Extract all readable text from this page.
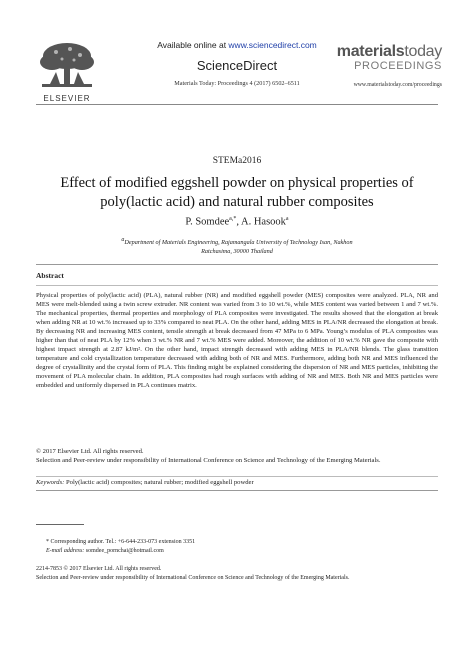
ELSEVIER
Available online at www.sciencedirect.com
ScienceDirect
Materials Today: Proceedings 4 (2017) 6502–6511
materialstoday
PROCEEDINGS
www.materialstoday.com/proceedings
STEMa2016
Effect of modified eggshell powder on physical properties of poly(lactic acid) and natural rubber composites
P. Somdee$^{a,*}$, A. Hasook$^a$
$^a$Department of Materials Engineering, Rajamangala University of Technology Isan, Nakhon Ratchasima, 30000 Thailand
Abstract
Physical properties of poly(lactic acid) (PLA), natural rubber (NR) and modified eggshell powder (MES) composites were analyzed. PLA, NR and MES were melt-blended using a twin screw extruder. NR content was varied from 3 to 10 wt.%, while MES content was varied between 1 and 7 wt.%. The mechanical properties, thermal properties and morphology of PLA composites were investigated. The results showed that the elongation at break when adding NR at 10 wt.% increased up to 33% compared to neat PLA. On the other hand, adding MES in PLA/NR decreased the elongation at break. By decreasing NR and increasing MES content, tensile strength at break decreased from 47 MPa to 6 MPa. Young’s modulus of PLA composites was higher than that of neat PLA by 12% when 3 wt.% NR and 7 wt.% MES were added. Moreover, the addition of 10 wt.% NR gave the composite with highest impact strength at 2.87 kJ/m². On the other hand, impact strength decreased with adding MES in PLA/NR blends. The glass transition temperature and cold crystallization temperature decreased with adding both of NR and MES. Furthermore, adding both NR and MES influenced the degree of crystallinity and the crystal form of PLA. This finding might be explained considering the dispersion of NR and MES particles, inhibiting the movement of PLA molecular chain. In addition, PLA composites had rough surfaces with adding of NR and MES. Both NR and MES particles were embedded and uniformly dispersed in PLA continues matrix.
© 2017 Elsevier Ltd. All rights reserved.
Selection and Peer-review under responsibility of International Conference on Science and Technology of the Emerging Materials.
Keywords: Poly(lactic acid) composites; natural rubber; modified eggshell powder
* Corresponding author. Tel.: +6-644-233-073 extension 3351
E-mail address: somdee_pornchai@hotmail.com
2214-7853 © 2017 Elsevier Ltd. All rights reserved.
Selection and Peer-review under responsibility of International Conference on Science and Technology of the Emerging Materials.
